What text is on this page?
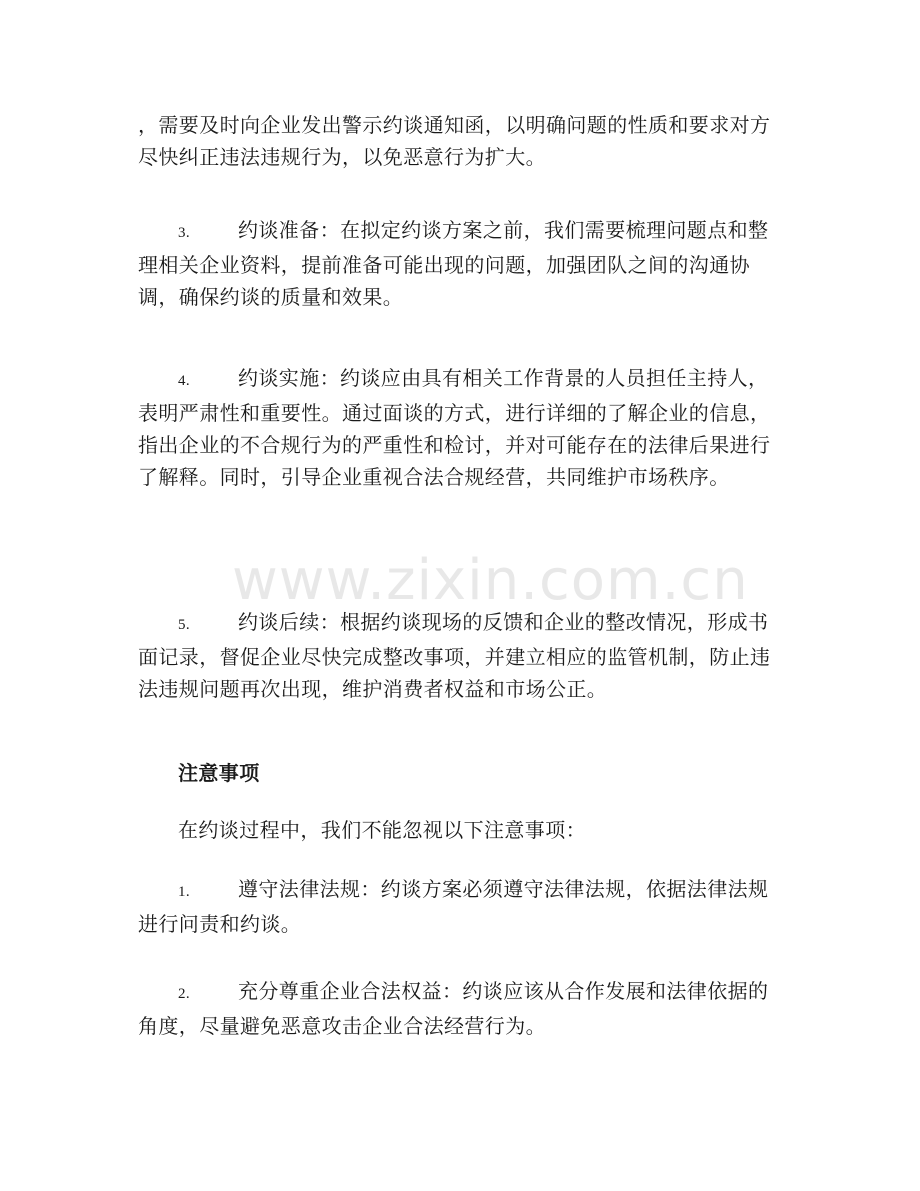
，需要及时向企业发出警示约谈通知函，以明确问题的性质和要求对方尽快纠正违法违规行为，以免恶意行为扩大。

3. 约谈准备：在拟定约谈方案之前，我们需要梳理问题点和整理相关企业资料，提前准备可能出现的问题，加强团队之间的沟通协调，确保约谈的质量和效果。

4. 约谈实施：约谈应由具有相关工作背景的人员担任主持人，表明严肃性和重要性。通过面谈的方式，进行详细的了解企业的信息，指出企业的不合规行为的严重性和检讨，并对可能存在的法律后果进行了解释。同时，引导企业重视合法合规经营，共同维护市场秩序。

5. 约谈后续：根据约谈现场的反馈和企业的整改情况，形成书面记录，督促企业尽快完成整改事项，并建立相应的监管机制，防止违法违规问题再次出现，维护消费者权益和市场公正。

注意事项

在约谈过程中，我们不能忽视以下注意事项：

1. 遵守法律法规：约谈方案必须遵守法律法规，依据法律法规进行问责和约谈。

2. 充分尊重企业合法权益：约谈应该从合作发展和法律依据的角度，尽量避免恶意攻击企业合法经营行为。

www.zixin.com.cn
